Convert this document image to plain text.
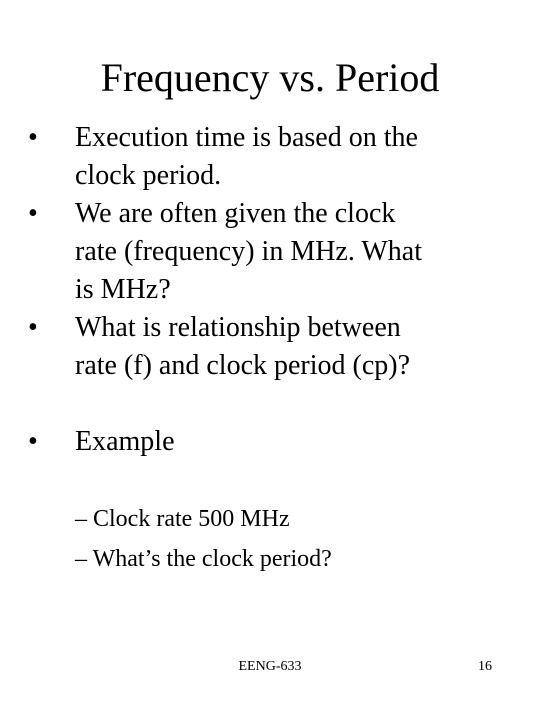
Frequency vs. Period
• Execution time is based on the
clock period.
• We are often given the clock
rate (frequency) in MHz. What
is MHz?
• What is relationship between
rate (f) and clock period (cp)?
• Example
– Clock rate 500 MHz
– What’s the clock period?
EENG-633	16
